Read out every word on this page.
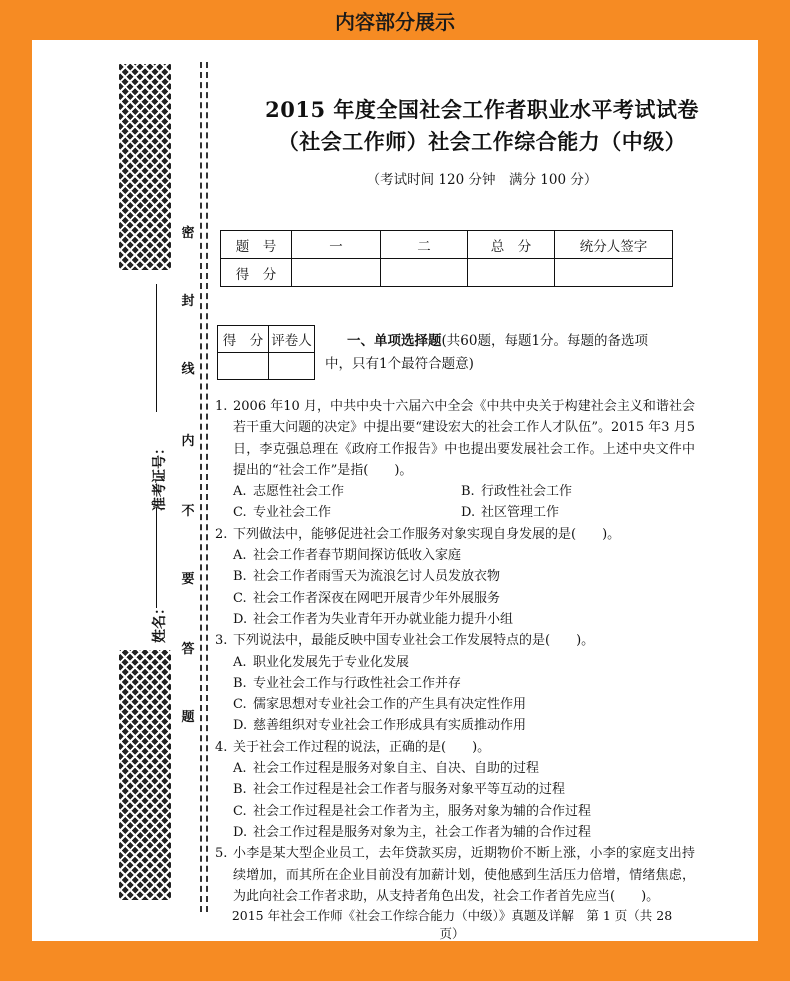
内容部分展示
密
封
线
内
不
要
答
题
准考证号：
姓名：
2015 年度全国社会工作者职业水平考试试卷
（社会工作师）社会工作综合能力（中级）
（考试时间 120 分钟　满分 100 分）
题　号	一	二	总　分	统分人签字
得　分				
得　分	评卷人
		一、单项选择题(共60题，每题1分。每题的备选项中，只有1个最符合题意)
1. 2006 年10 月，中共中央十六届六中全会《中共中央关于构建社会主义和谐社会若干重大问题的决定》中提出要“建设宏大的社会工作人才队伍”。2015 年3 月5 日，李克强总理在《政府工作报告》中也提出要发展社会工作。上述中央文件中提出的“社会工作”是指(　　)。
A. 志愿性社会工作	B. 行政性社会工作
C. 专业社会工作	D. 社区管理工作
2. 下列做法中，能够促进社会工作服务对象实现自身发展的是(　　)。
A. 社会工作者春节期间探访低收入家庭
B. 社会工作者雨雪天为流浪乞讨人员发放衣物
C. 社会工作者深夜在网吧开展青少年外展服务
D. 社会工作者为失业青年开办就业能力提升小组
3. 下列说法中，最能反映中国专业社会工作发展特点的是(　　)。
A. 职业化发展先于专业化发展
B. 专业社会工作与行政性社会工作并存
C. 儒家思想对专业社会工作的产生具有决定性作用
D. 慈善组织对专业社会工作形成具有实质推动作用
4. 关于社会工作过程的说法，正确的是(　　)。
A. 社会工作过程是服务对象自主、自决、自助的过程
B. 社会工作过程是社会工作者与服务对象平等互动的过程
C. 社会工作过程是社会工作者为主，服务对象为辅的合作过程
D. 社会工作过程是服务对象为主，社会工作者为辅的合作过程
5. 小李是某大型企业员工，去年贷款买房，近期物价不断上涨，小李的家庭支出持续增加，而其所在企业目前没有加薪计划，使他感到生活压力倍增，情绪焦虑，为此向社会工作者求助，从支持者角色出发，社会工作者首先应当(　　)。
2015 年社会工作师《社会工作综合能力（中级）》真题及详解　第 1 页（共 28 页）
